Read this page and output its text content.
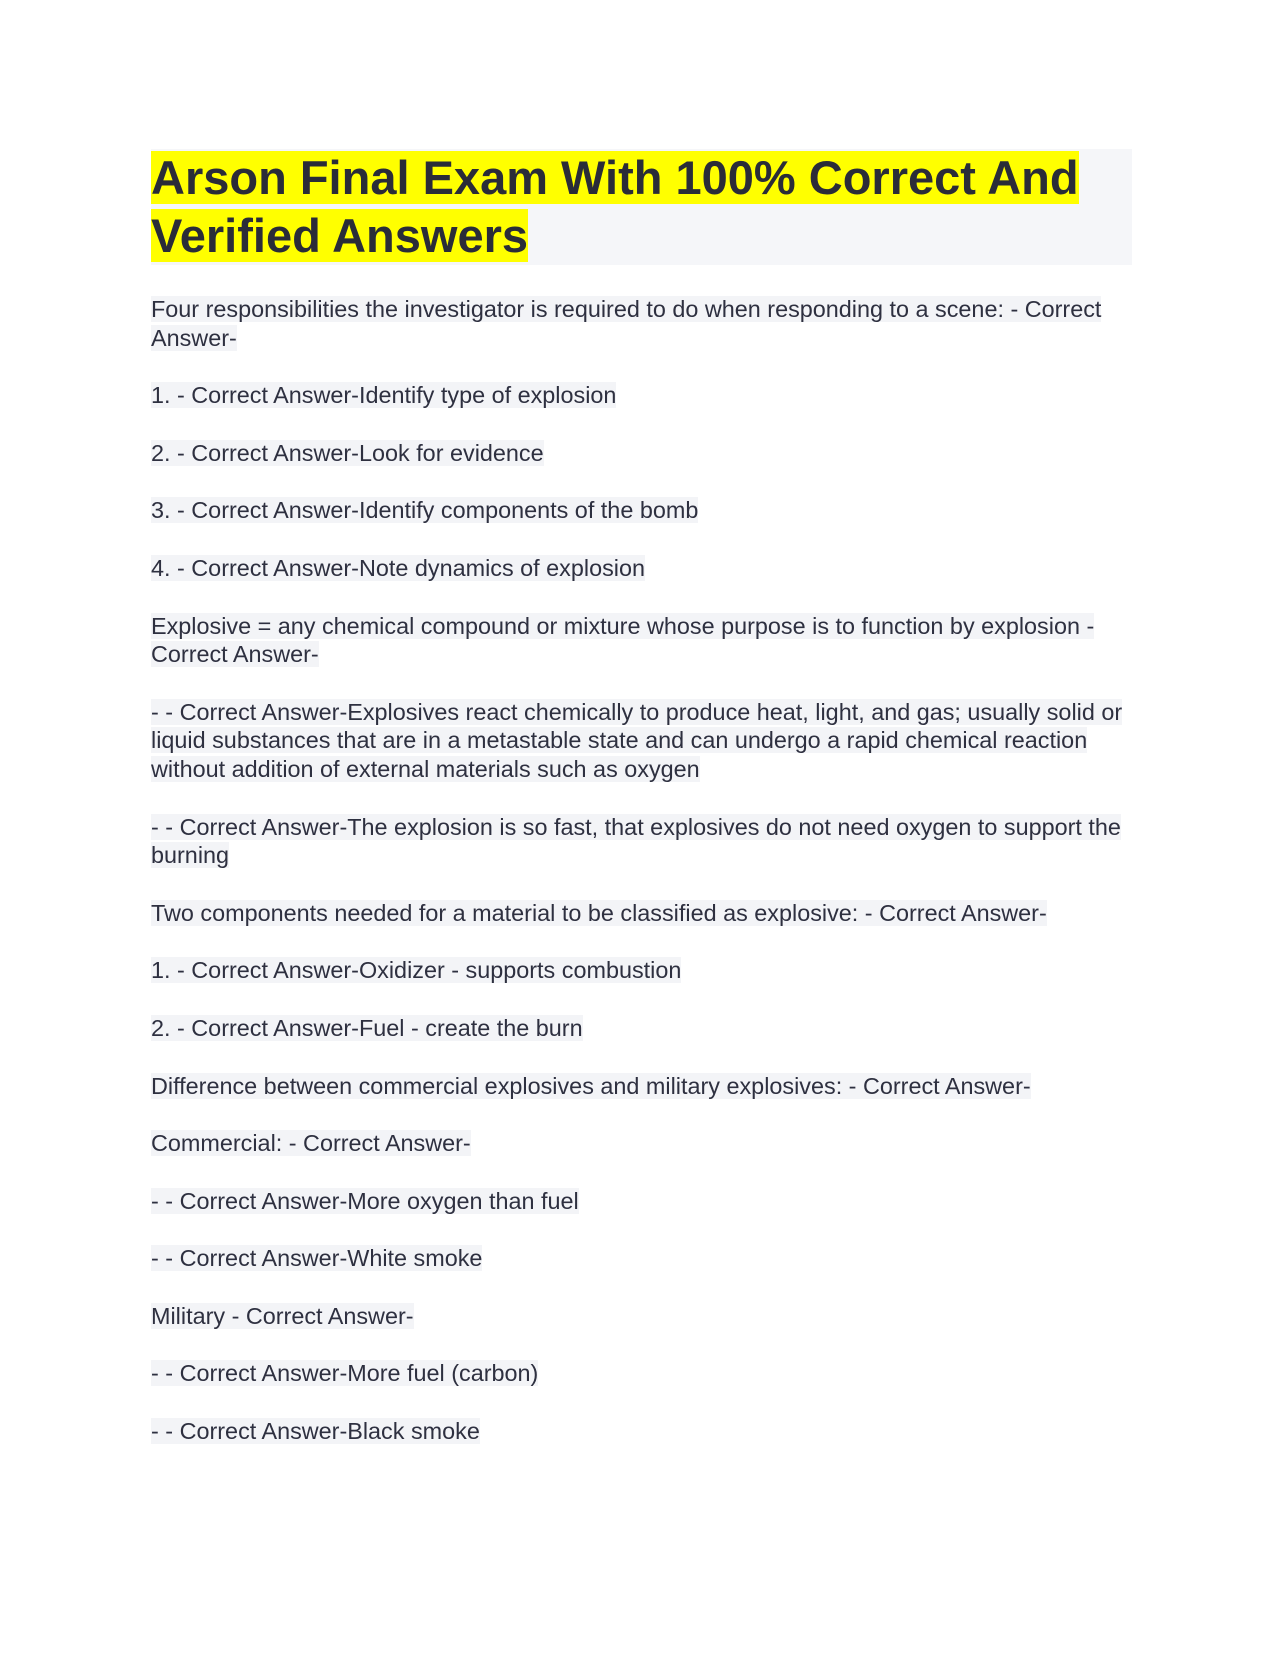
Arson Final Exam With 100% Correct And Verified Answers

Four responsibilities the investigator is required to do when responding to a scene: - Correct Answer-

1. - Correct Answer-Identify type of explosion

2. - Correct Answer-Look for evidence

3. - Correct Answer-Identify components of the bomb

4. - Correct Answer-Note dynamics of explosion

Explosive = any chemical compound or mixture whose purpose is to function by explosion - Correct Answer-

- - Correct Answer-Explosives react chemically to produce heat, light, and gas; usually solid or liquid substances that are in a metastable state and can undergo a rapid chemical reaction without addition of external materials such as oxygen

- - Correct Answer-The explosion is so fast, that explosives do not need oxygen to support the burning

Two components needed for a material to be classified as explosive: - Correct Answer-

1. - Correct Answer-Oxidizer - supports combustion

2. - Correct Answer-Fuel - create the burn

Difference between commercial explosives and military explosives: - Correct Answer-

Commercial: - Correct Answer-

- - Correct Answer-More oxygen than fuel

- - Correct Answer-White smoke

Military - Correct Answer-

- - Correct Answer-More fuel (carbon)

- - Correct Answer-Black smoke
